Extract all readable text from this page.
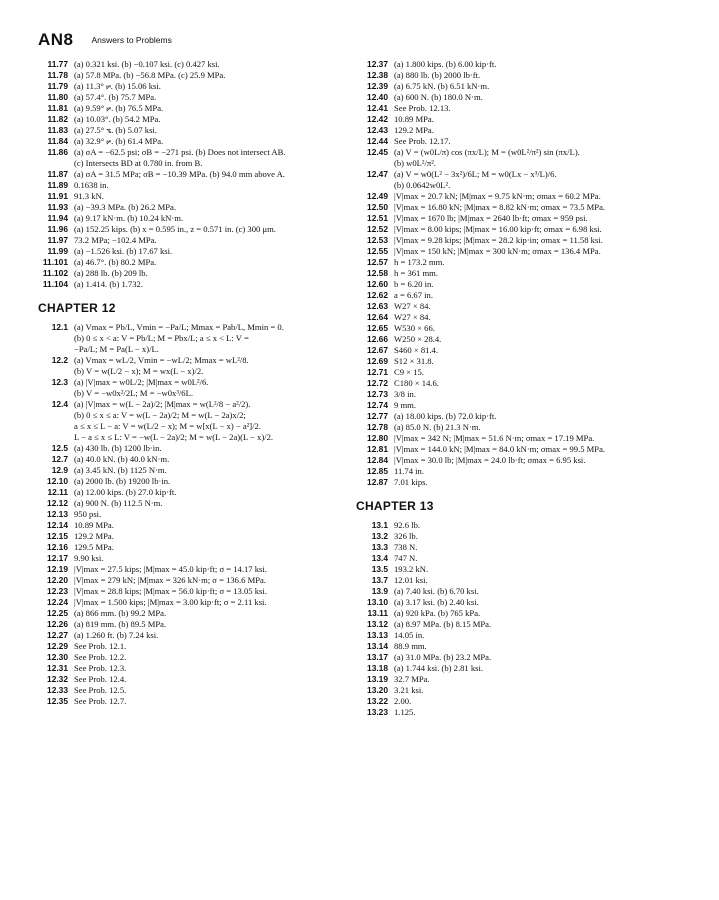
AN8 Answers to Problems
11.77 (a) 0.321 ksi. (b) −0.107 ksi. (c) 0.427 ksi.
11.78 (a) 57.8 MPa. (b) −56.8 MPa. (c) 25.9 MPa.
11.79 (a) 11.3° ⦬. (b) 15.06 ksi.
11.80 (a) 57.4°. (b) 75.7 MPa.
11.81 (a) 9.59° ⦬. (b) 76.5 MPa.
11.82 (a) 10.03°. (b) 54.2 MPa.
11.83 (a) 27.5° ⦪. (b) 5.07 ksi.
11.84 (a) 32.9° ⦬. (b) 61.4 MPa.
11.86 (a) σA = −62.5 psi; σB = −271 psi. (b) Does not intersect AB.
(c) Intersects BD at 0.780 in. from B.
11.87 (a) σA = 31.5 MPa; σB = −10.39 MPa. (b) 94.0 mm above A.
11.89 0.1638 in.
11.91 91.3 kN.
11.93 (a) −39.3 MPa. (b) 26.2 MPa.
11.94 (a) 9.17 kN·m. (b) 10.24 kN·m.
11.96 (a) 152.25 kips. (b) x = 0.595 in., z = 0.571 in. (c) 300 μm.
11.97 73.2 MPa; −102.4 MPa.
11.99 (a) −1.526 ksi. (b) 17.67 ksi.
11.101 (a) 46.7°. (b) 80.2 MPa.
11.102 (a) 288 lb. (b) 209 lb.
11.104 (a) 1.414. (b) 1.732.
CHAPTER 12
12.1 (a) Vmax = Pb/L, Vmin = −Pa/L; Mmax = Pab/L, Mmin = 0.
(b) 0 ≤ x < a: V = Pb/L; M = Pbx/L; a ≤ x < L: V =
−Pa/L; M = Pa(L − x)/L.
12.2 (a) Vmax = wL/2, Vmin = −wL/2; Mmax = wL²/8.
(b) V = w(L/2 − x); M = wx(L − x)/2.
12.3 (a) |V|max = w0L/2; |M|max = w0L²/6.
(b) V = −w0x²/2L; M = −w0x³/6L.
12.4 (a) |V|max = w(L − 2a)/2; |M|max = w(L²/8 − a²/2).
(b) 0 ≤ x ≤ a: V = w(L − 2a)/2; M = w(L − 2a)x/2;
a ≤ x ≤ L − a: V = w(L/2 − x); M = w[x(L − x) − a²]/2.
L − a ≤ x ≤ L: V = −w(L − 2a)/2; M = w(L − 2a)(L − x)/2.
12.5 (a) 430 lb. (b) 1200 lb·in.
12.7 (a) 40.0 kN. (b) 40.0 kN·m.
12.9 (a) 3.45 kN. (b) 1125 N·m.
12.10 (a) 2000 lb. (b) 19200 lb·in.
12.11 (a) 12.00 kips. (b) 27.0 kip·ft.
12.12 (a) 900 N. (b) 112.5 N·m.
12.13 950 psi.
12.14 10.89 MPa.
12.15 129.2 MPa.
12.16 129.5 MPa.
12.17 9.90 ksi.
12.19 |V|max = 27.5 kips; |M|max = 45.0 kip·ft; σ = 14.17 ksi.
12.20 |V|max = 279 kN; |M|max = 326 kN·m; σ = 136.6 MPa.
12.23 |V|max = 28.8 kips; |M|max = 56.0 kip·ft; σ = 13.05 ksi.
12.24 |V|max = 1.500 kips; |M|max = 3.00 kip·ft; σ = 2.11 ksi.
12.25 (a) 866 mm. (b) 99.2 MPa.
12.26 (a) 819 mm. (b) 89.5 MPa.
12.27 (a) 1.260 ft. (b) 7.24 ksi.
12.29 See Prob. 12.1.
12.30 See Prob. 12.2.
12.31 See Prob. 12.3.
12.32 See Prob. 12.4.
12.33 See Prob. 12.5.
12.35 See Prob. 12.7.
12.37 (a) 1.800 kips. (b) 6.00 kip·ft.
12.38 (a) 880 lb. (b) 2000 lb·ft.
12.39 (a) 6.75 kN. (b) 6.51 kN·m.
12.40 (a) 600 N. (b) 180.0 N·m.
12.41 See Prob. 12.13.
12.42 10.89 MPa.
12.43 129.2 MPa.
12.44 See Prob. 12.17.
12.45 (a) V = (w0L/π) cos (πx/L); M = (w0L²/π²) sin (πx/L).
(b) w0L²/π².
12.47 (a) V = w0(L² − 3x²)/6L; M = w0(Lx − x³/L)/6.
(b) 0.0642w0L².
12.49 |V|max = 20.7 kN; |M|max = 9.75 kN·m; σmax = 60.2 MPa.
12.50 |V|max = 16.80 kN; |M|max = 8.82 kN·m; σmax = 73.5 MPa.
12.51 |V|max = 1670 lb; |M|max = 2640 lb·ft; σmax = 959 psi.
12.52 |V|max = 8.00 kips; |M|max = 16.00 kip·ft; σmax = 6.98 ksi.
12.53 |V|max = 9.28 kips; |M|max = 28.2 kip·in; σmax = 11.58 ksi.
12.55 |V|max = 150 kN; |M|max = 300 kN·m; σmax = 136.4 MPa.
12.57 h = 173.2 mm.
12.58 h = 361 mm.
12.60 b = 6.20 in.
12.62 a = 6.67 in.
12.63 W27 × 84.
12.64 W27 × 84.
12.65 W530 × 66.
12.66 W250 × 28.4.
12.67 S460 × 81.4.
12.69 S12 × 31.8.
12.71 C9 × 15.
12.72 C180 × 14.6.
12.73 3/8 in.
12.74 9 mm.
12.77 (a) 18.00 kips. (b) 72.0 kip·ft.
12.78 (a) 85.0 N. (b) 21.3 N·m.
12.80 |V|max = 342 N; |M|max = 51.6 N·m; σmax = 17.19 MPa.
12.81 |V|max = 144.0 kN; |M|max = 84.0 kN·m; σmax = 99.5 MPa.
12.84 |V|max = 30.0 lb; |M|max = 24.0 lb·ft; σmax = 6.95 ksi.
12.85 11.74 in.
12.87 7.01 kips.
CHAPTER 13
13.1 92.6 lb.
13.2 326 lb.
13.3 738 N.
13.4 747 N.
13.5 193.2 kN.
13.7 12.01 ksi.
13.9 (a) 7.40 ksi. (b) 6.70 ksi.
13.10 (a) 3.17 ksi. (b) 2.40 ksi.
13.11 (a) 920 kPa. (b) 765 kPa.
13.12 (a) 8.97 MPa. (b) 8.15 MPa.
13.13 14.05 in.
13.14 88.9 mm.
13.17 (a) 31.0 MPa. (b) 23.2 MPa.
13.18 (a) 1.744 ksi. (b) 2.81 ksi.
13.19 32.7 MPa.
13.20 3.21 ksi.
13.22 2.00.
13.23 1.125.
